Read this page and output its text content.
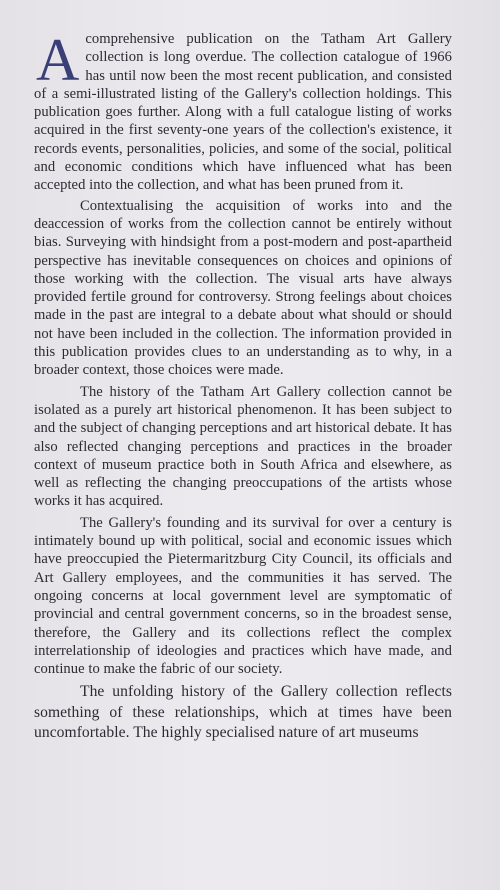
Acomprehensive publication on the Tatham Art Gallery collection is long overdue. The collection catalogue of 1966 has until now been the most recent publication, and consisted of a semi-illustrated listing of the Gallery's collection holdings. This publication goes further. Along with a full catalogue listing of works acquired in the first seventy-one years of the collection's existence, it records events, personalities, policies, and some of the social, political and economic conditions which have influenced what has been accepted into the collection, and what has been pruned from it.

Contextualising the acquisition of works into and the deaccession of works from the collection cannot be entirely without bias. Surveying with hindsight from a post-modern and post-apartheid perspective has inevitable consequences on choices and opinions of those working with the collection. The visual arts have always provided fertile ground for controversy. Strong feelings about choices made in the past are integral to a debate about what should or should not have been included in the collection. The information provided in this publication provides clues to an understanding as to why, in a broader context, those choices were made.

The history of the Tatham Art Gallery collection cannot be isolated as a purely art historical phenomenon. It has been subject to and the subject of changing perceptions and art historical debate. It has also reflected changing perceptions and practices in the broader context of museum practice both in South Africa and elsewhere, as well as reflecting the changing preoccupations of the artists whose works it has acquired.

The Gallery's founding and its survival for over a century is intimately bound up with political, social and economic issues which have preoccupied the Pietermaritzburg City Council, its officials and Art Gallery employees, and the communities it has served. The ongoing concerns at local government level are symptomatic of provincial and central government concerns, so in the broadest sense, therefore, the Gallery and its collections reflect the complex interrelationship of ideologies and practices which have made, and continue to make the fabric of our society.

The unfolding history of the Gallery collection reflects something of these relationships, which at times have been uncomfortable. The highly specialised nature of art museums
